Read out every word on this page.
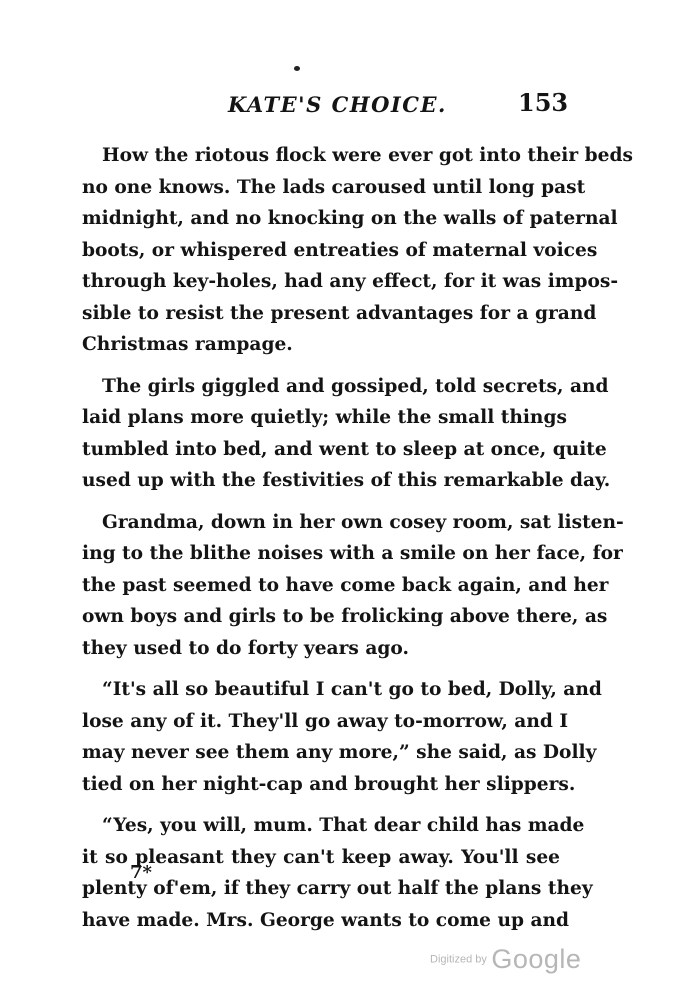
KATE'S CHOICE.	153

How the riotous flock were ever got into their beds
no one knows. The lads caroused until long past
midnight, and no knocking on the walls of paternal
boots, or whispered entreaties of maternal voices
through key-holes, had any effect, for it was impos-
sible to resist the present advantages for a grand
Christmas rampage.

The girls giggled and gossiped, told secrets, and
laid plans more quietly; while the small things
tumbled into bed, and went to sleep at once, quite
used up with the festivities of this remarkable day.

Grandma, down in her own cosey room, sat listen-
ing to the blithe noises with a smile on her face, for
the past seemed to have come back again, and her
own boys and girls to be frolicking above there, as
they used to do forty years ago.

“It's all so beautiful I can't go to bed, Dolly, and
lose any of it. They'll go away to-morrow, and I
may never see them any more,” she said, as Dolly
tied on her night-cap and brought her slippers.

“Yes, you will, mum. That dear child has made
it so pleasant they can't keep away. You'll see
plenty of'em, if they carry out half the plans they
have made. Mrs. George wants to come up and

7*
Digitized by Google
